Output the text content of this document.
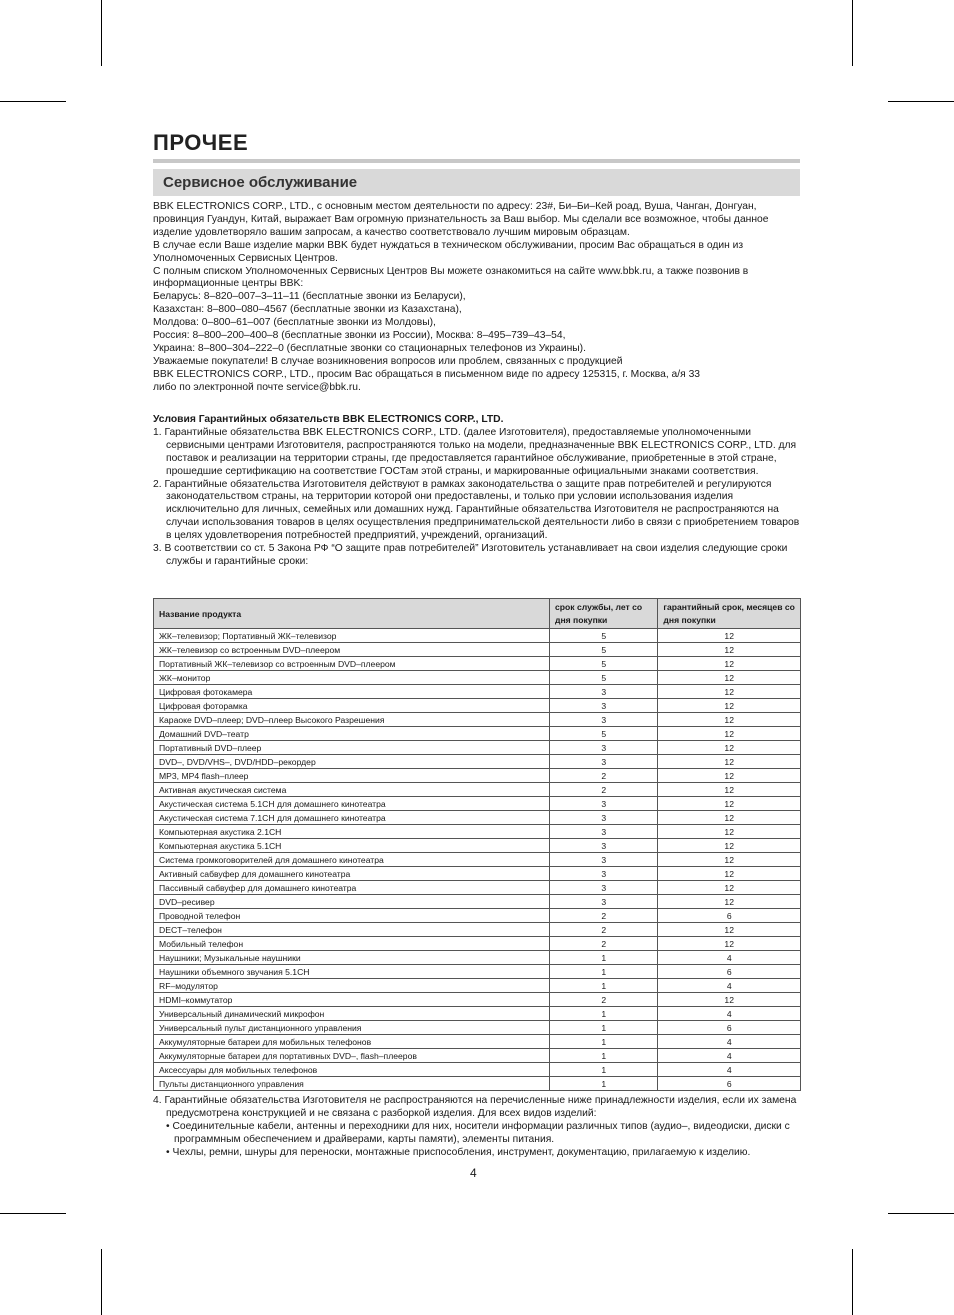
ПРОЧЕЕ
Сервисное обслуживание

BBK ELECTRONICS CORP., LTD., с основным местом деятельности по адресу: 23#, Би–Би–Кей роад, Вуша, Чанган, Донгуан, провинция Гуандун, Китай, выражает Вам огромную признательность за Ваш выбор. Мы сделали все возможное, чтобы данное изделие удовлетворяло вашим запросам, а качество соответствовало лучшим мировым образцам.

В случае если Ваше изделие марки BBK будет нуждаться в техническом обслуживании, просим Вас обращаться в один из Уполномоченных Сервисных Центров.

С полным списком Уполномоченных Сервисных Центров Вы можете ознакомиться на сайте www.bbk.ru, а также позвонив в информационные центры BBK:

Беларусь: 8–820–007–3–11–11 (бесплатные звонки из Беларуси),

Казахстан: 8–800–080–4567 (бесплатные звонки из Казахстана),

Молдова: 0–800–61–007 (бесплатные звонки из Молдовы),

Россия: 8–800–200–400–8 (бесплатные звонки из России), Москва: 8–495–739–43–54,

Украина: 8–800–304–222–0 (бесплатные звонки со стационарных телефонов из Украины).

Уважаемые покупатели! В случае возникновения вопросов или проблем, связанных с продукцией

BBK ELECTRONICS CORP., LTD., просим Вас обращаться в письменном виде по адресу 125315, г. Москва, а/я 33

либо по электронной почте service@bbk.ru.

Условия Гарантийных обязательств BBK ELECTRONICS CORP., LTD.

1. Гарантийные обязательства BBK ELECTRONICS CORP., LTD. (далее Изготовителя), предоставляемые уполномоченными сервисными центрами Изготовителя, распространяются только на модели, предназначенные BBK ELECTRONICS CORP., LTD. для поставок и реализации на территории страны, где предоставляется гарантийное обслуживание, приобретенные в этой стране, прошедшие сертификацию на соответствие ГОСТам этой страны, и маркированные официальными знаками соответствия.

2. Гарантийные обязательства Изготовителя действуют в рамках законодательства о защите прав потребителей и регулируются законодательством страны, на территории которой они предоставлены, и только при условии использования изделия исключительно для личных, семейных или домашних нужд. Гарантийные обязательства Изготовителя не распространяются на случаи использования товаров в целях осуществления предпринимательской деятельности либо в связи с приобретением товаров в целях удовлетворения потребностей предприятий, учреждений, организаций.

3. В соответствии со ст. 5 Закона РФ “О защите прав потребителей” Изготовитель устанавливает на свои изделия следующие сроки службы и гарантийные сроки:

Название продукта	срок службы, лет со дня покупки	гарантийный срок, месяцев со дня покупки
ЖК–телевизор; Портативный ЖК–телевизор	5	12
ЖК–телевизор со встроенным DVD–плеером	5	12
Портативный ЖК–телевизор со встроенным DVD–плеером	5	12
ЖК–монитор	5	12
Цифровая фотокамера	3	12
Цифровая фоторамка	3	12
Караоке DVD–плеер; DVD–плеер Высокого Разрешения	3	12
Домашний DVD–театр	5	12
Портативный DVD–плеер	3	12
DVD–, DVD/VHS–, DVD/HDD–рекордер	3	12
MP3, MP4 flash–плеер	2	12
Активная акустическая система	2	12
Акустическая система 5.1CH для домашнего кинотеатра	3	12
Акустическая система 7.1CH для домашнего кинотеатра	3	12
Компьютерная акустика 2.1CH	3	12
Компьютерная акустика 5.1CH	3	12
Система громкоговорителей для домашнего кинотеатра	3	12
Активный сабвуфер для домашнего кинотеатра	3	12
Пассивный сабвуфер для домашнего кинотеатра	3	12
DVD–ресивер	3	12
Проводной телефон	2	6
DECT–телефон	2	12
Мобильный телефон	2	12
Наушники; Музыкальные наушники	1	4
Наушники объемного звучания 5.1CH	1	6
RF–модулятор	1	4
HDMI–коммутатор	2	12
Универсальный динамический микрофон	1	4
Универсальный пульт дистанционного управления	1	6
Аккумуляторные батареи для мобильных телефонов	1	4
Аккумуляторные батареи для портативных DVD–, flash–плееров	1	4
Аксессуары для мобильных телефонов	1	4
Пульты дистанционного управления	1	6

4. Гарантийные обязательства Изготовителя не распространяются на перечисленные ниже принадлежности изделия, если их замена предусмотрена конструкцией и не связана с разборкой изделия. Для всех видов изделий:

• Соединительные кабели, антенны и переходники для них, носители информации различных типов (аудио–, видеодиски, диски с программным обеспечением и драйверами, карты памяти), элементы питания.

• Чехлы, ремни, шнуры для переноски, монтажные приспособления, инструмент, документацию, прилагаемую к изделию.

4
